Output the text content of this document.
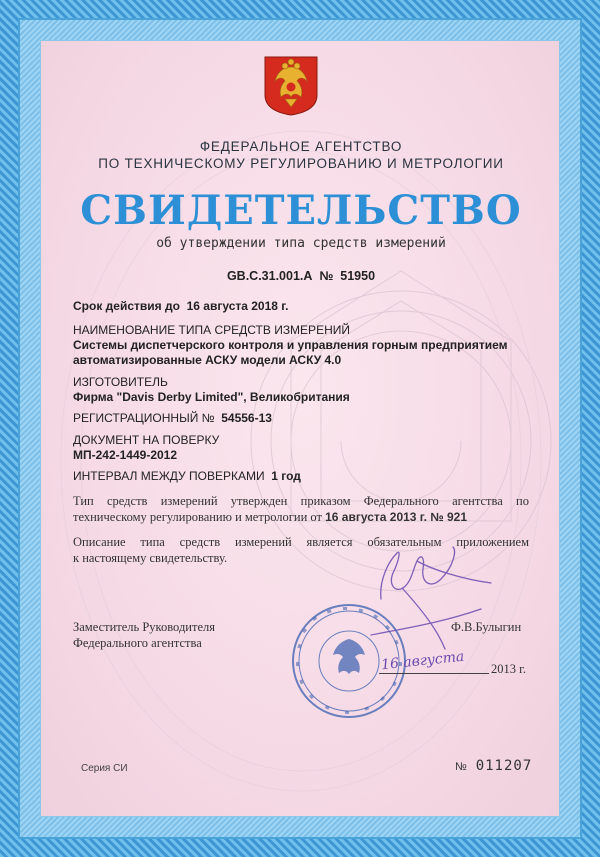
ФЕДЕРАЛЬНОЕ АГЕНТСТВО
ПО ТЕХНИЧЕСКОМУ РЕГУЛИРОВАНИЮ И МЕТРОЛОГИИ
СВИДЕТЕЛЬСТВО
об утверждении типа средств измерений
GB.C.31.001.A № 51950
Срок действия до 16 августа 2018 г.
НАИМЕНОВАНИЕ ТИПА СРЕДСТВ ИЗМЕРЕНИЙ
Системы диспетчерского контроля и управления горным предприятием
автоматизированные АСКУ модели АСКУ 4.0
ИЗГОТОВИТЕЛЬ
Фирма "Davis Derby Limited", Великобритания
РЕГИСТРАЦИОННЫЙ № 54556-13
ДОКУМЕНТ НА ПОВЕРКУ
МП-242-1449-2012
ИНТЕРВАЛ МЕЖДУ ПОВЕРКАМИ 1 год
Тип средств измерений утвержден приказом Федерального агентства по
техническому регулированию и метрологии от 16 августа 2013 г. № 921
Описание типа средств измерений является обязательным приложением
к настоящему свидетельству.
Заместитель Руководителя
Федерального агентства
Ф.В.Булыгин
16 августа 2013 г.
Серия СИ	№ 011207
